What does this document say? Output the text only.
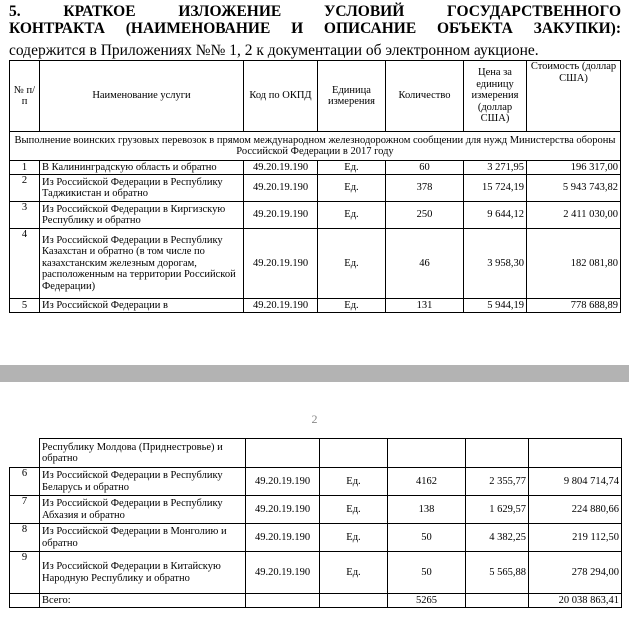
5. КРАТКОЕ ИЗЛОЖЕНИЕ УСЛОВИЙ ГОСУДАРСТВЕННОГО
КОНТРАКТА (НАИМЕНОВАНИЕ И ОПИСАНИЕ ОБЪЕКТА ЗАКУПКИ):
содержится в Приложениях №№ 1, 2 к документации об электронном аукционе.
№ п/п	Наименование услуги	Код по ОКПД	Единица измерения	Количество	Цена за единицу измерения (доллар США)	Стоимость (доллар США)
Выполнение воинских грузовых перевозок в прямом международном железнодорожном сообщении для нужд Министерства обороны Российской Федерации в 2017 году						
1	В Калининградскую область и обратно	49.20.19.190	Ед.	60	3 271,95	196 317,00
2	Из Российской Федерации в Республику Таджикистан и обратно	49.20.19.190	Ед.	378	15 724,19	5 943 743,82
3	Из Российской Федерации в Киргизскую Республику и обратно	49.20.19.190	Ед.	250	9 644,12	2 411 030,00
4	Из Российской Федерации в Республику Казахстан и обратно (в том числе по казахстанским железным дорогам, расположенным на территории Российской Федерации)	49.20.19.190	Ед.	46	3 958,30	182 081,80
5	Из Российской Федерации в	49.20.19.190	Ед.	131	5 944,19	778 688,89
2
Республику Молдова (Приднестровье) и обратно					
6	Из Российской Федерации в Республику Беларусь и обратно	49.20.19.190	Ед.	4162	2 355,77	9 804 714,74
7	Из Российской Федерации в Республику Абхазия и обратно	49.20.19.190	Ед.	138	1 629,57	224 880,66
8	Из Российской Федерации в Монголию и обратно	49.20.19.190	Ед.	50	4 382,25	219 112,50
9	Из Российской Федерации в Китайскую Народную Республику и обратно	49.20.19.190	Ед.	50	5 565,88	278 294,00
	Всего:			5265		20 038 863,41
